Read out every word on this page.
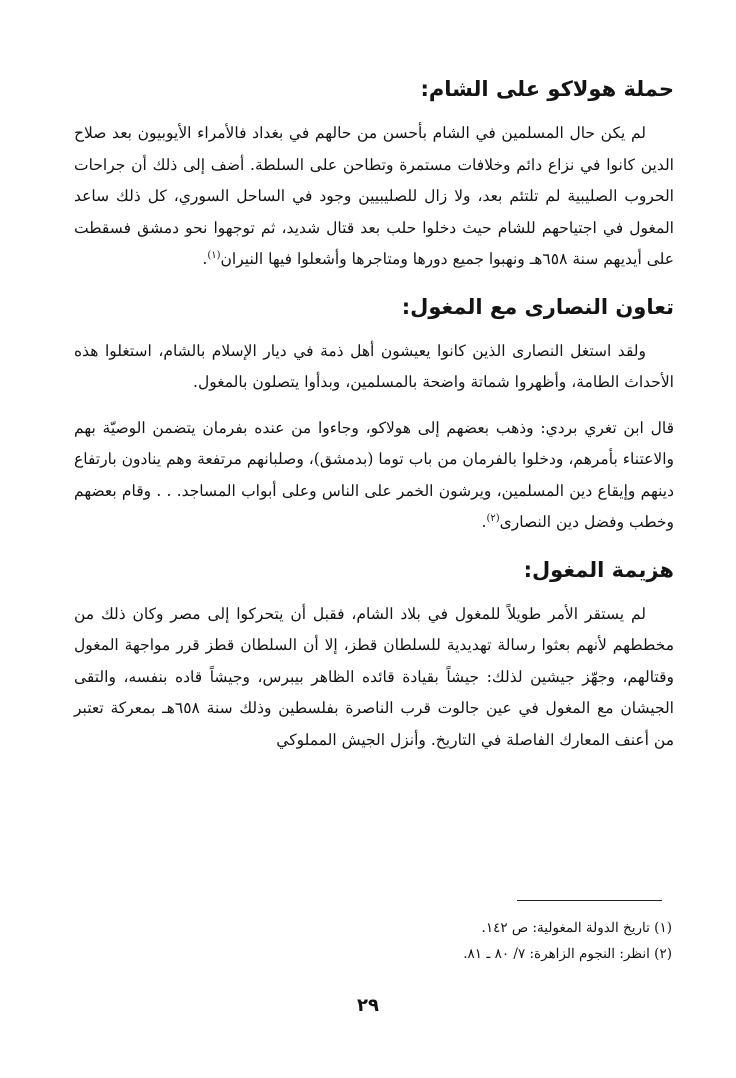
حملة هولاكو على الشام:

لم يكن حال المسلمين في الشام بأحسن من حالهم في بغداد فالأمراء الأيوبيون بعد صلاح الدين كانوا في نزاع دائم وخلافات مستمرة وتطاحن على السلطة. أضف إلى ذلك أن جراحات الحروب الصليبية لم تلتئم بعد، ولا زال للصليبيين وجود في الساحل السوري، كل ذلك ساعد المغول في اجتياحهم للشام حيث دخلوا حلب بعد قتال شديد، ثم توجهوا نحو دمشق فسقطت على أيديهم سنة ٦٥٨هـ ونهبوا جميع دورها ومتاجرها وأشعلوا فيها النيران$^{(١)}$.

تعاون النصارى مع المغول:

ولقد استغل النصارى الذين كانوا يعيشون أهل ذمة في ديار الإسلام بالشام، استغلوا هذه الأحداث الطامة، وأظهروا شماتة واضحة بالمسلمين، وبدأوا يتصلون بالمغول.

قال ابن تغري بردي: وذهب بعضهم إلى هولاكو، وجاءوا من عنده بفرمان يتضمن الوصيّة بهم والاعتناء بأمرهم، ودخلوا بالفرمان من باب توما (بدمشق)، وصلبانهم مرتفعة وهم ينادون بارتفاع دينهم وإيقاع دين المسلمين، ويرشون الخمر على الناس وعلى أبواب المساجد. . . وقام بعضهم وخطب وفضل دين النصارى$^{(٢)}$.

هزيمة المغول:

لم يستقر الأمر طويلاً للمغول في بلاد الشام، فقبل أن يتحركوا إلى مصر وكان ذلك من مخططهم لأنهم بعثوا رسالة تهديدية للسلطان قطز، إلا أن السلطان قطز قرر مواجهة المغول وقتالهم، وجهّز جيشين لذلك: جيشاً بقيادة قائده الظاهر بيبرس، وجيشاً قاده بنفسه، والتقى الجيشان مع المغول في عين جالوت قرب الناصرة بفلسطين وذلك سنة ٦٥٨هـ بمعركة تعتبر من أعنف المعارك الفاصلة في التاريخ. وأنزل الجيش المملوكي

(١) تاريخ الدولة المغولية: ص ١٤٢.

(٢) انظر: النجوم الزاهرة: ٧/ ٨٠ ـ ٨١.

٢٩
